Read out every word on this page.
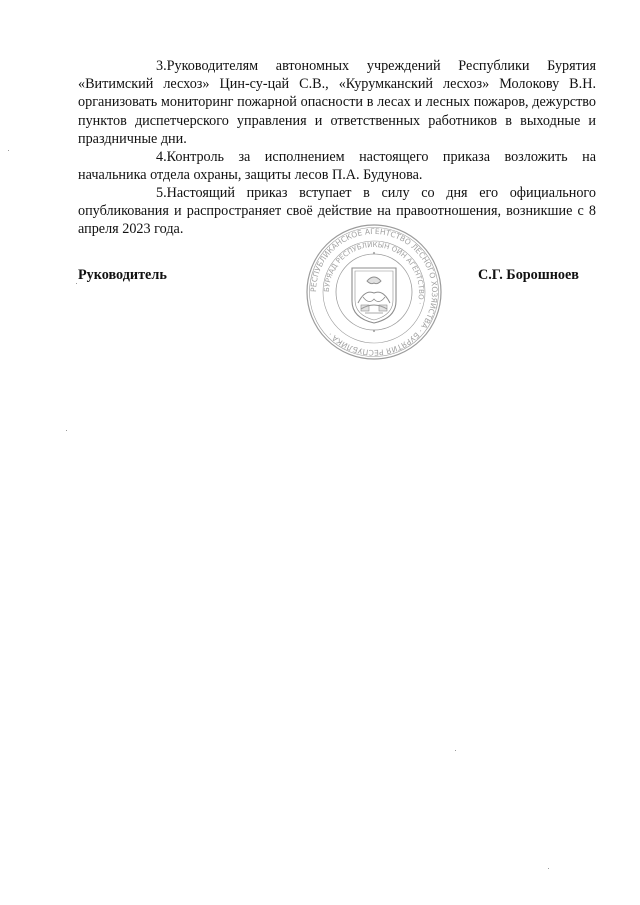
3.Руководителям автономных учреждений Республики Бурятия «Витимский лесхоз» Цин-су-цай С.В., «Курумканский лесхоз» Молокову В.Н. организовать мониторинг пожарной опасности в лесах и лесных пожаров, дежурство пунктов диспетчерского управления и ответственных работников в выходные и праздничные дни.

4.Контроль за исполнением настоящего приказа возложить на начальника отдела охраны, защиты лесов П.А. Будунова.

5.Настоящий приказ вступает в силу со дня его официального опубликования и распространяет своё действие на правоотношения, возникшие с 8 апреля 2023 года.

Руководитель	С.Г. Борошноев
РЕСПУБЛИКАНСКОЕ АГЕНТСТВО ЛЕСНОГО ХОЗЯЙСТВА · БУРЯТИЯ РЕСПУБЛИКА ·
БУРЯАД РЕСПУБЛИКЫН ОЙН АГЕНТСТВО ·
